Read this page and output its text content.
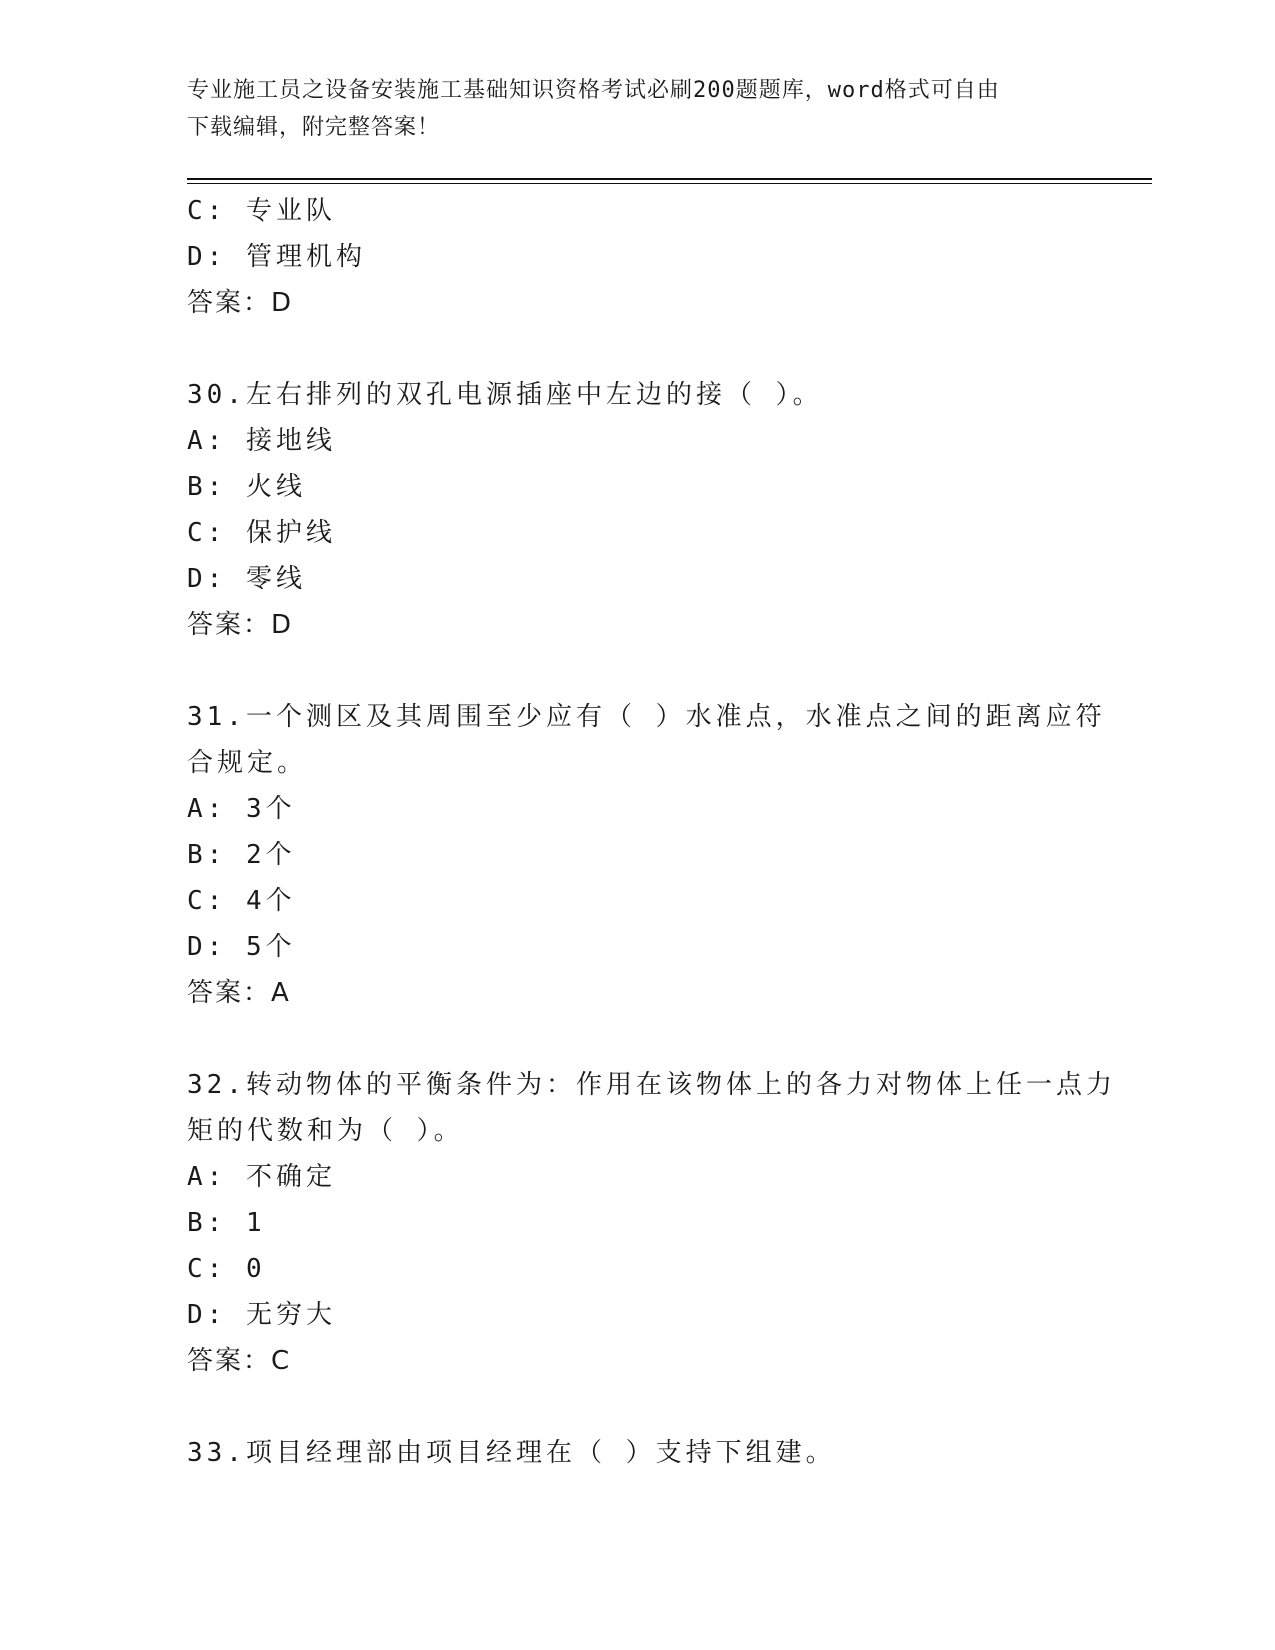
专业施工员之设备安装施工基础知识资格考试必刷200题题库，word格式可自由
下载编辑，附完整答案！
C: 专业队
D: 管理机构
答案：D
30.左右排列的双孔电源插座中左边的接（ ）。
A: 接地线
B: 火线
C: 保护线
D: 零线
答案：D
31.一个测区及其周围至少应有（ ）水准点，水准点之间的距离应符
合规定。
A: 3个
B: 2个
C: 4个
D: 5个
答案：A
32.转动物体的平衡条件为：作用在该物体上的各力对物体上任一点力
矩的代数和为（ ）。
A: 不确定
B: 1
C: 0
D: 无穷大
答案：C
33.项目经理部由项目经理在（ ）支持下组建。
